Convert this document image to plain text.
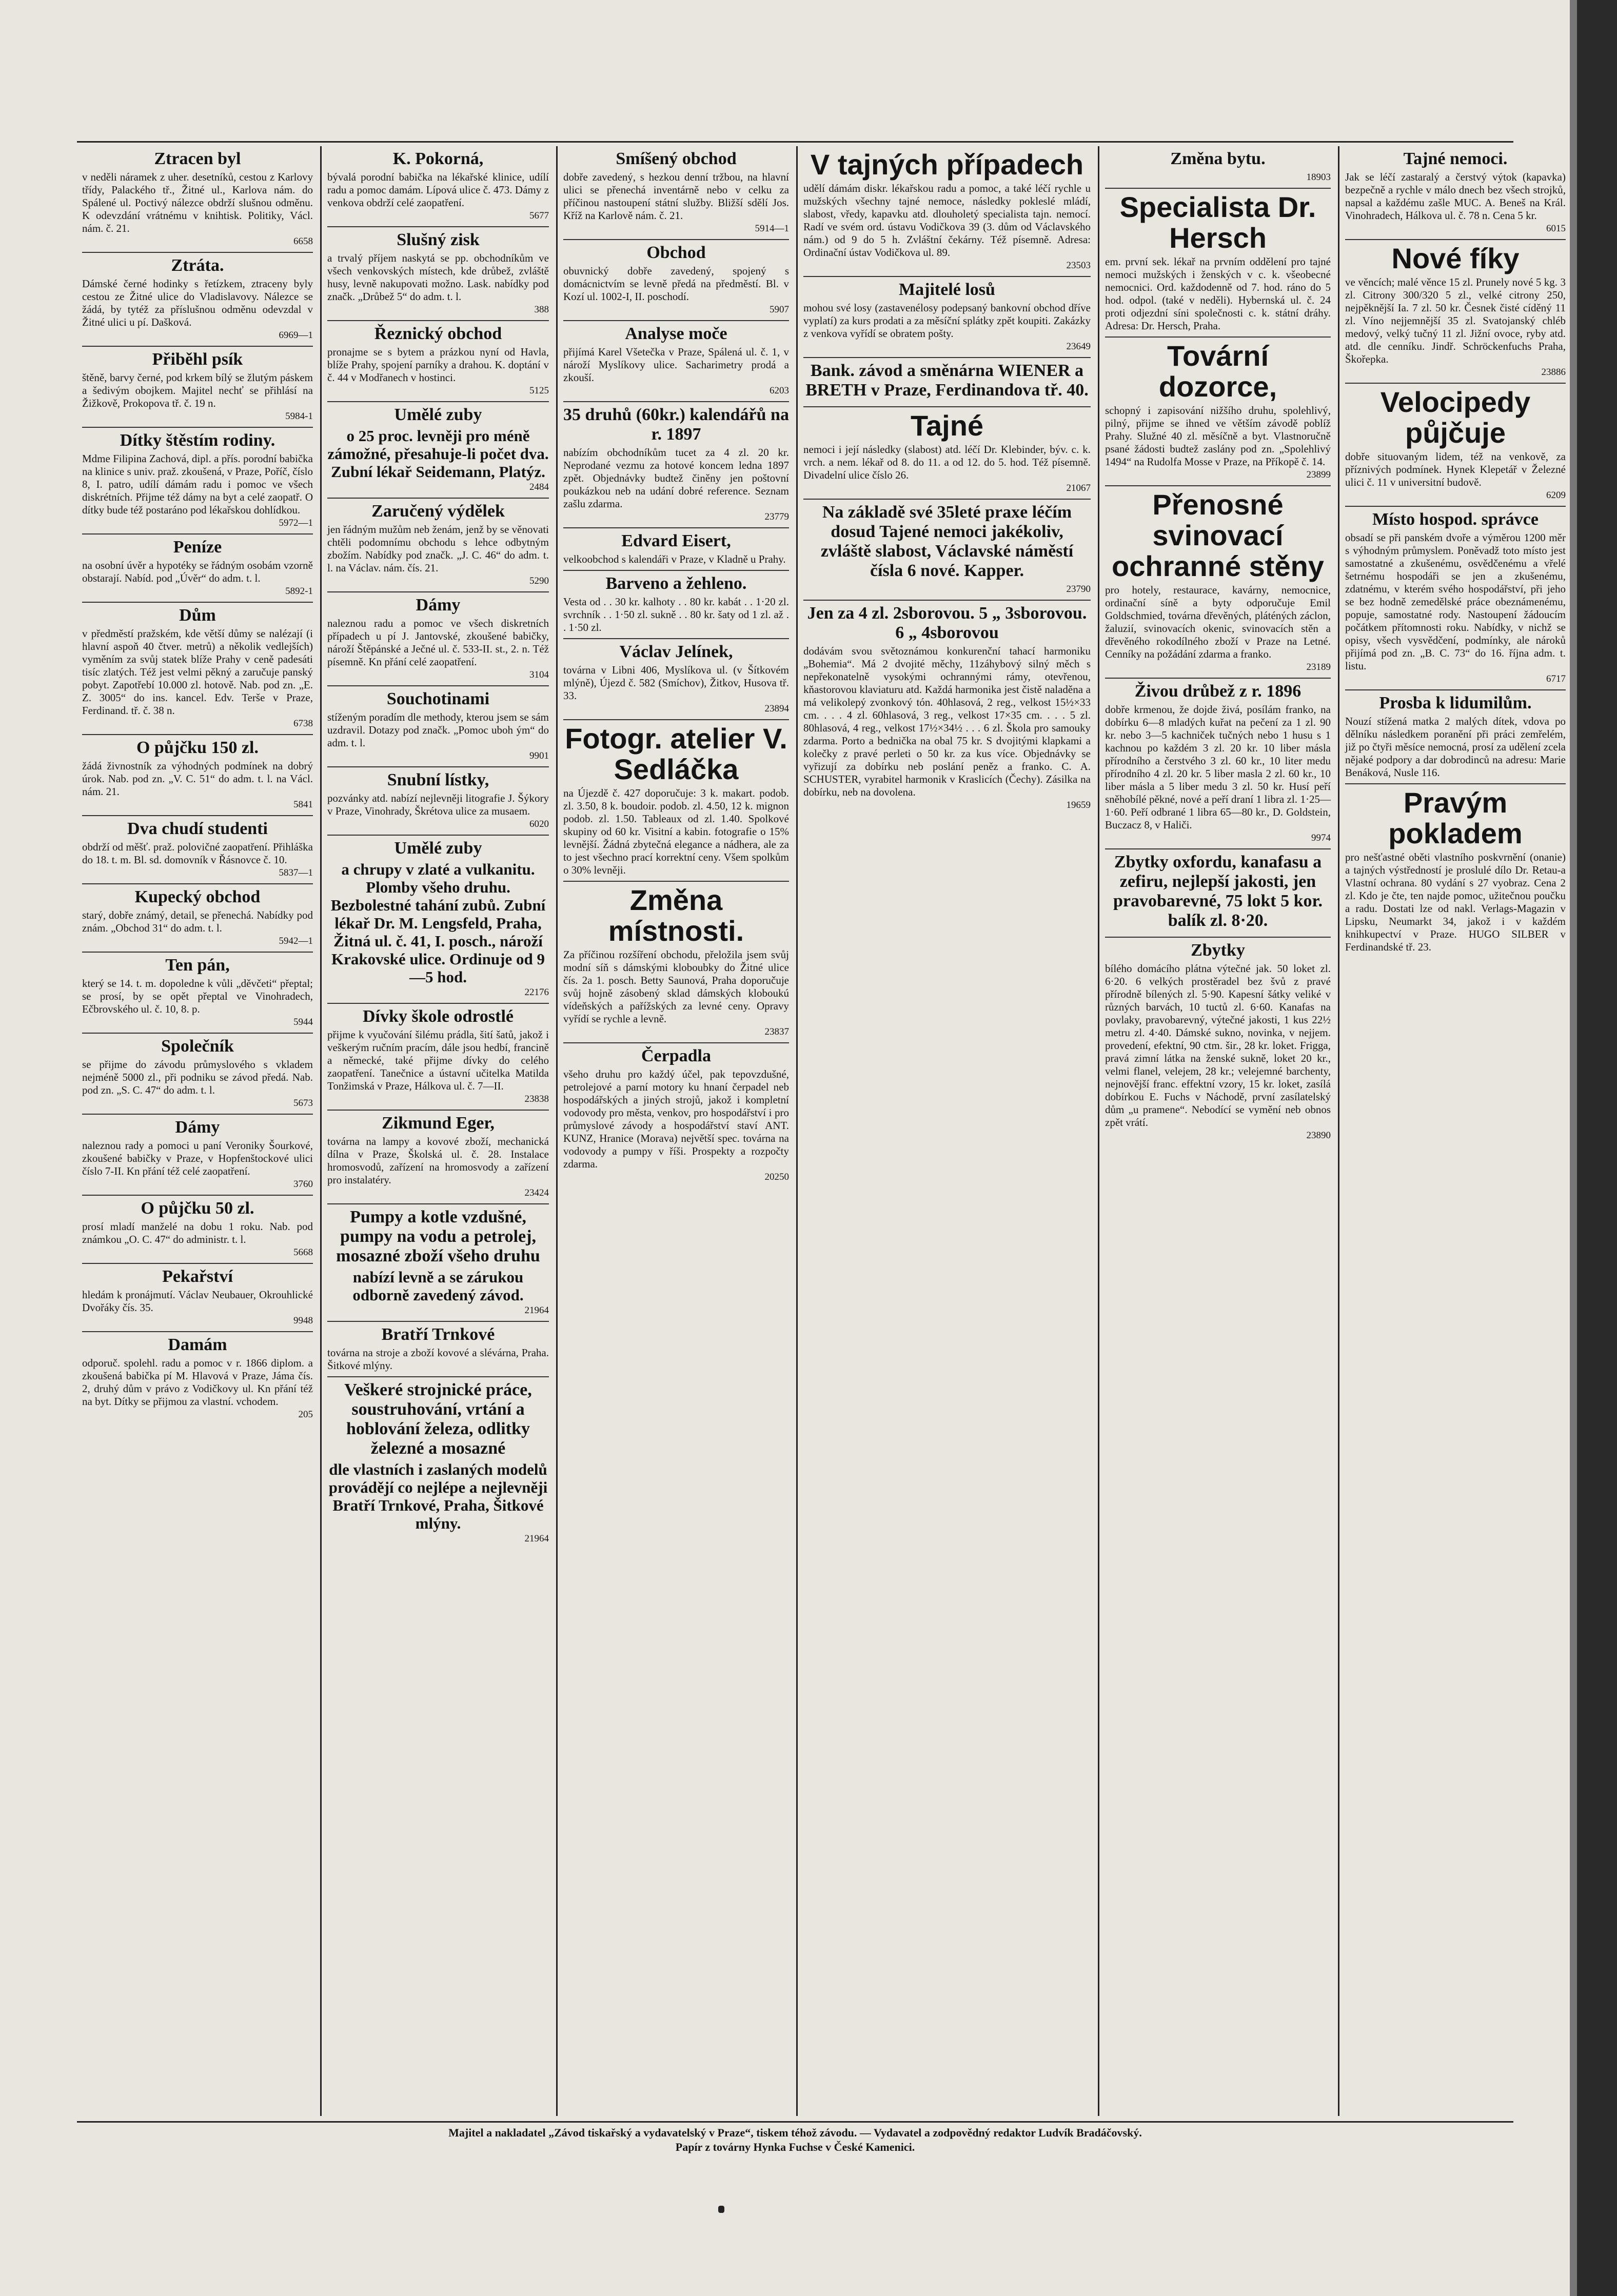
Ztracen byl
v neděli náramek z uher. desetníků, cestou z Karlovy třídy, Palackého tř., Žitné ul., Karlova nám. do Spálené ul. Poctivý nálezce obdrží slušnou odměnu. K odevzdání vrátnému v knihtisk. Politiky, Václ. nám. č. 21.
6658
Ztráta.
Dámské černé hodinky s řetízkem, ztraceny byly cestou ze Žitné ulice do Vladislavovy. Nálezce se žádá, by tytéž za příslušnou odměnu odevzdal v Žitné ulici u pí. Dašková.
6969—1
Přiběhl psík
štěně, barvy černé, pod krkem bílý se žlutým páskem a šedivým obojkem. Majitel nechť se přihlásí na Žižkově, Prokopova tř. č. 19 n.
5984-1
Dítky štěstím rodiny.
Mdme Filipina Zachová, dipl. a přís. porodní babička na klinice s univ. praž. zkoušená, v Praze, Poříč, číslo 8, I. patro, udílí dámám radu i pomoc ve všech diskrétních. Přijme též dámy na byt a celé zaopatř. O dítky bude též postaráno pod lékařskou dohlídkou.
5972—1
Peníze
na osobní úvěr a hypotéky se řádným osobám vzorně obstarají. Nabíd. pod „Úvěr“ do adm. t. l.
5892-1
Dům
v předměstí pražském, kde větší důmy se nalézají (i hlavní aspoň 40 čtver. metrů) a několik vedlejších) vyměním za svůj statek blíže Prahy v ceně padesáti tisíc zlatých. Též jest velmi pěkný a zaručuje panský pobyt. Zapotřebí 10.000 zl. hotově. Nab. pod zn. „E. Z. 3005“ do ins. kancel. Edv. Terše v Praze, Ferdinand. tř. č. 38 n.
6738
O půjčku 150 zl.
žádá živnostník za výhodných podmínek na dobrý úrok. Nab. pod zn. „V. C. 51“ do adm. t. l. na Václ. nám. 21.
5841
Dva chudí studenti
obdrží od měšť. praž. polovičné zaopatření. Přihláška do 18. t. m. Bl. sd. domovník v Řásnovce č. 10.
5837—1
Kupecký obchod
starý, dobře známý, detail, se přenechá. Nabídky pod znám. „Obchod 31“ do adm. t. l.
5942—1
Ten pán,
který se 14. t. m. dopoledne k vůli „děvčeti“ přeptal; se prosí, by se opět přeptal ve Vinohradech, Ečbrovského ul. č. 10, 8. p.
5944
Společník
se přijme do závodu průmyslového s vkladem nejméně 5000 zl., při podniku se závod předá. Nab. pod zn. „S. C. 47“ do adm. t. l.
5673
Dámy
naleznou rady a pomoci u paní Veroniky Šourkové, zkoušené babičky v Praze, v Hopfenštockové ulici číslo 7-II. Kn přání též celé zaopatření.
3760
O půjčku 50 zl.
prosí mladí manželé na dobu 1 roku. Nab. pod známkou „O. C. 47“ do administr. t. l.
5668
Pekařství
hledám k pronájmutí. Václav Neubauer, Okrouhlické Dvořáky čís. 35.
9948
Damám
odporuč. spolehl. radu a pomoc v r. 1866 diplom. a zkoušená babička pí M. Hlavová v Praze, Jáma čís. 2, druhý dům v právo z Vodičkovy ul. Kn přání též na byt. Dítky se přijmou za vlastní. vchodem.
205
K. Pokorná,
bývalá porodní babička na lékařské klinice, udílí radu a pomoc damám. Lípová ulice č. 473. Dámy z venkova obdrží celé zaopatření.
5677
Slušný zisk
a trvalý příjem naskytá se pp. obchodníkům ve všech venkovských místech, kde drůbež, zvláště husy, levně nakupovati možno. Lask. nabídky pod značk. „Drůbež 5“ do adm. t. l.
388
Řeznický obchod
pronajme se s bytem a prázkou nyní od Havla, blíže Prahy, spojení parníky a drahou. K. doptání v č. 44 v Modřanech v hostinci.
5125
Umělé zuby
o 25 proc. levněji pro méně zámožné, přesahuje-li počet dva. Zubní lékař Seidemann, Platýz.
2484
Zaručený výdělek
jen řádným mužům neb ženám, jenž by se věnovati chtěli podomnímu obchodu s lehce odbytným zbožím. Nabídky pod značk. „J. C. 46“ do adm. t. l. na Václav. nám. čís. 21.
5290
Dámy
naleznou radu a pomoc ve všech diskretních případech u pí J. Jantovské, zkoušené babičky, nároží Štěpánské a Ječné ul. č. 533-II. st., 2. n. Též písemně. Kn přání celé zaopatření.
3104
Souchotinami
stíženým poradím dle methody, kterou jsem se sám uzdravil. Dotazy pod značk. „Pomoc uboh ým“ do adm. t. l.
9901
Snubní lístky,
pozvánky atd. nabízí nejlevněji litografie J. Šýkory v Praze, Vinohrady, Škrétova ulice za musaem.
6020
Umělé zuby
a chrupy v zlaté a vulkanitu. Plomby všeho druhu. Bezbolestné tahání zubů. Zubní lékař Dr. M. Lengsfeld, Praha, Žitná ul. č. 41, I. posch., nároží Krakovské ulice. Ordinuje od 9—5 hod.
22176
Dívky škole odrostlé
přijme k vyučování šilému prádla, šití šatů, jakož i veškerým ručním pracím, dále jsou hedbí, francině a německé, také přijme dívky do celého zaopatření. Tanečnice a ústavní učitelka Matilda Tonžimská v Praze, Hálkova ul. č. 7—II.
23838
Zikmund Eger,
továrna na lampy a kovové zboží, mechanická dílna v Praze, Školská ul. č. 28. Instalace hromosvodů, zařízení na hromosvody a zařízení pro instalatéry.
23424
Pumpy a kotle vzdušné, pumpy na vodu a petrolej, mosazné zboží všeho druhu
nabízí levně a se zárukou odborně zavedený závod.
21964
Bratří Trnkové
továrna na stroje a zboží kovové a slévárna, Praha. Šitkové mlýny.
Veškeré strojnické práce, soustruhování, vrtání a hoblování železa, odlitky železné a mosazné
dle vlastních i zaslaných modelů provádějí co nejlépe a nejlevněji Bratří Trnkové, Praha, Šitkové mlýny.
21964
Smíšený obchod
dobře zavedený, s hezkou denní tržbou, na hlavní ulici se přenechá inventárně nebo v celku za příčinou nastoupení státní služby. Bližší sdělí Jos. Kříž na Karlově nám. č. 21.
5914—1
Obchod
obuvnický dobře zavedený, spojený s domácnictvím se levně předá na předměstí. Bl. v Kozí ul. 1002-I, II. poschodí.
5907
Analyse moče
přijímá Karel Všetečka v Praze, Spálená ul. č. 1, v nároží Myslíkovy ulice. Sacharimetry prodá a zkouší.
6203
35 druhů (60kr.) kalendářů na r. 1897
nabízím obchodníkům tucet za 4 zl. 20 kr. Neprodané vezmu za hotové koncem ledna 1897 zpět. Objednávky budtež činěny jen poštovní poukázkou neb na udání dobré reference. Seznam zašlu zdarma.
23779
Edvard Eisert,
velkoobchod s kalendáři v Praze, v Kladně u Prahy.
Barveno a žehleno.
Vesta od . . 30 kr. kalhoty . . 80 kr. kabát . . 1·20 zl. svrchník . . 1·50 zl. sukně . . 80 kr. šaty od 1 zl. až . . 1·50 zl.
Václav Jelínek,
továrna v Libni 406, Myslíkova ul. (v Šítkovém mlýně), Újezd č. 582 (Smíchov), Žitkov, Husova tř. 33.
23894
Fotogr. atelier V. Sedláčka
na Újezdě č. 427 doporučuje: 3 k. makart. podob. zl. 3.50, 8 k. boudoir. podob. zl. 4.50, 12 k. mignon podob. zl. 1.50. Tableaux od zl. 1.40. Spolkové skupiny od 60 kr. Visitní a kabin. fotografie o 15% levnější. Žádná zbytečná elegance a nádhera, ale za to jest všechno prací korrektní ceny. Všem spolkům o 30% levněji.
Změna místnosti.
Za příčinou rozšíření obchodu, přeložila jsem svůj modní síň s dámskými kloboubky do Žitné ulice čís. 2a 1. posch. Betty Saunová, Praha doporučuje svůj hojně zásobený sklad dámských kloboukú vídeňských a pařížských za levné ceny. Opravy vyřídí se rychle a levně.
23837
Čerpadla
všeho druhu pro každý účel, pak tepovzdušné, petrolejové a parní motory ku hnaní čerpadel neb hospodářských a jiných strojů, jakož i kompletní vodovody pro města, venkov, pro hospodářství i pro průmyslové závody a hospodářství staví ANT. KUNZ, Hranice (Morava) největší spec. továrna na vodovody a pumpy v říši. Prospekty a rozpočty zdarma.
20250
V tajných případech
udělí dámám diskr. lékařskou radu a pomoc, a také léčí rychle u mužských všechny tajné nemoce, následky pokleslé mládí, slabost, vředy, kapavku atd. dlouholetý specialista tajn. nemocí. Radí ve svém ord. ústavu Vodičkova 39 (3. dům od Václavského nám.) od 9 do 5 h. Zvláštní čekárny. Též písemně. Adresa: Ordinační ústav Vodičkova ul. 89.
23503
Majitelé losů
mohou své losy (zastavenélosy podepsaný bankovní obchod dříve vyplatí) za kurs prodati a za měsíční splátky zpět koupiti. Zakázky z venkova vyřídí se obratem pošty.
23649
Bank. závod a směnárna WIENER a BRETH v Praze, Ferdinandova tř. 40.
Tajné
nemoci i její následky (slabost) atd. léčí Dr. Klebinder, býv. c. k. vrch. a nem. lékař od 8. do 11. a od 12. do 5. hod. Též písemně. Divadelní ulice číslo 26.
21067
Na základě své 35leté praxe léčím dosud Tajené nemoci jakékoliv, zvláště slabost, Václavské náměstí čísla 6 nové. Kapper.
23790
Jen za 4 zl. 2sborovou. 5 „ 3sborovou. 6 „ 4sborovou
dodávám svou světoznámou konkurenční tahací harmoniku „Bohemia“. Má 2 dvojité měchy, 11záhybový silný měch s nepřekonatelně vysokými ochrannými rámy, otevřenou, kňastorovou klaviaturu atd. Každá harmonika jest čistě naladěna a má velikolepý zvonkový tón. 40hlasová, 2 reg., velkost 15½×33 cm. . . . 4 zl. 60hlasová, 3 reg., velkost 17×35 cm. . . . 5 zl. 80hlasová, 4 reg., velkost 17½×34½ . . . 6 zl. Škola pro samouky zdarma. Porto a bednička na obal 75 kr. S dvojitými klapkami a kolečky z pravé perleti o 50 kr. za kus více. Objednávky se vyřizují za dobírku neb poslání peněz a franko. C. A. SCHUSTER, vyrabitel harmonik v Kraslicích (Čechy). Zásilka na dobírku, neb na dovolena.
19659
Změna bytu.
18903
Specialista Dr. Hersch
em. první sek. lékař na prvním oddělení pro tajné nemoci mužských i ženských v c. k. všeobecné nemocnici. Ord. každodenně od 7. hod. ráno do 5 hod. odpol. (také v neděli). Hybernská ul. č. 24 proti odjezdní síni společnosti c. k. státní dráhy. Adresa: Dr. Hersch, Praha.
Tovární dozorce,
schopný i zapisování nižšího druhu, spolehlivý, pilný, přijme se ihned ve větším závodě poblíž Prahy. Služné 40 zl. měsíčně a byt. Vlastnoručně psané žádosti budtež zaslány pod zn. „Spolehlivý 1494“ na Rudolfa Mosse v Praze, na Příkopě č. 14.
23899
Přenosné svinovací ochranné stěny
pro hotely, restaurace, kavárny, nemocnice, ordinační síně a byty odporučuje Emil Goldschmied, továrna dřevěných, pláténých záclon, žaluzií, svinovacích okenic, svinovacích stěn a dřevěného rokodílného zboží v Praze na Letné. Cenníky na požádání zdarma a franko.
23189
Živou drůbež z r. 1896
dobře krmenou, že dojde živá, posílám franko, na dobírku 6—8 mladých kuřat na pečení za 1 zl. 90 kr. nebo 3—5 kachniček tučných nebo 1 husu s 1 kachnou po každém 3 zl. 20 kr. 10 liber másla přírodního a čerstvého 3 zl. 60 kr., 10 liter medu přírodního 4 zl. 20 kr. 5 liber masla 2 zl. 60 kr., 10 liber másla a 5 liber medu 3 zl. 50 kr. Husí peří sněhobílé pěkné, nové a peří draní 1 libra zl. 1·25—1·60. Peří odbrané 1 libra 65—80 kr., D. Goldstein, Buczacz 8, v Haliči.
9974
Zbytky oxfordu, kanafasu a zefiru, nejlepší jakosti, jen pravobarevné, 75 lokt 5 kor. balík zl. 8·20.
Zbytky
bílého domácího plátna výtečné jak. 50 loket zl. 6·20. 6 velkých prostěradel bez švů z pravé přírodně bílených zl. 5·90. Kapesní šátky veliké v různých barvách, 10 tuctů zl. 6·60. Kanafas na povlaky, pravobarevný, výtečné jakosti, 1 kus 22½ metru zl. 4·40. Dámské sukno, novinka, v nejjem. provedení, efektní, 90 ctm. šir., 28 kr. loket. Frigga, pravá zimní látka na ženské sukně, loket 20 kr., velmi flanel, velejem, 28 kr.; velejemné barchenty, nejnovější franc. effektní vzory, 15 kr. loket, zasílá dobírkou E. Fuchs v Náchodě, první zasílatelský dům „u pramene“. Nebodící se vymění neb obnos zpět vrátí.
23890
Tajné nemoci.
Jak se léčí zastaralý a čerstvý výtok (kapavka) bezpečně a rychle v málo dnech bez všech strojků, napsal a každému zašle MUC. A. Beneš na Král. Vinohradech, Hálkova ul. č. 78 n. Cena 5 kr.
6015
Nové fíky
ve věncích; malé věnce 15 zl. Prunely nové 5 kg. 3 zl. Citrony 300/320 5 zl., velké citrony 250, nejpěknější Ia. 7 zl. 50 kr. Česnek čisté cíděný 11 zl. Víno nejjemnější 35 zl. Svatojanský chléb medový, velký tučný 11 zl. Jižní ovoce, ryby atd. atd. dle cenníku. Jindř. Schröckenfuchs Praha, Škořepka.
23886
Velocipedy půjčuje
dobře situovaným lidem, též na venkově, za příznivých podmínek. Hynek Klepetář v Železné ulici č. 11 v universitní budově.
6209
Místo hospod. správce
obsadí se při panském dvoře a výměrou 1200 měr s výhodným průmyslem. Poněvadž toto místo jest samostatné a zkušenému, osvědčenému a vřelé šetrnému hospodáři se jen a zkušenému, zdatnému, v kterém svého hospodářství, při jeho se bez hodně zemedělské práce obeznámenému, popuje, samostatné rody. Nastoupení žádoucím počátkem přítomnosti roku. Nabídky, v nichž se opisy, všech vysvědčení, podmínky, ale nároků přijímá pod zn. „B. C. 73“ do 16. října adm. t. listu.
6717
Prosba k lidumilům.
Nouzí stížená matka 2 malých dítek, vdova po dělníku následkem poranění při práci zemřelém, již po čtyři měsíce nemocná, prosí za udělení zcela nějaké podpory a dar dobrodinců na adresu: Marie Benáková, Nusle 116.
Pravým pokladem
pro nešťastné oběti vlastního poskvrnění (onanie) a tajných výstředností je proslulé dílo Dr. Retau-a Vlastní ochrana. 80 vydání s 27 vyobraz. Cena 2 zl. Kdo je čte, ten najde pomoc, užitečnou poučku a radu. Dostati lze od nakl. Verlags-Magazin v Lipsku, Neumarkt 34, jakož i v každém knihkupectví v Praze. HUGO SILBER v Ferdinandské tř. 23.
Majitel a nakladatel „Závod tiskařský a vydavatelský v Praze“, tiskem téhož závodu. — Vydavatel a zodpovědný redaktor Ludvík Bradáčovský.
Papír z továrny Hynka Fuchse v České Kamenici.
